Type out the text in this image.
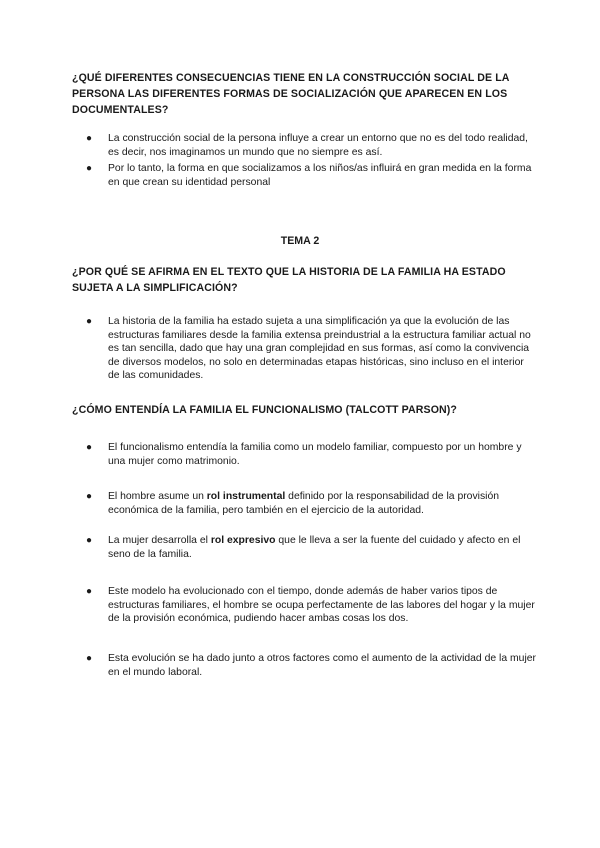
¿QUÉ DIFERENTES CONSECUENCIAS TIENE EN LA CONSTRUCCIÓN SOCIAL DE LA PERSONA LAS DIFERENTES FORMAS DE SOCIALIZACIÓN QUE APARECEN EN LOS DOCUMENTALES?
● La construcción social de la persona influye a crear un entorno que no es del todo realidad, es decir, nos imaginamos un mundo que no siempre es así.
● Por lo tanto, la forma en que socializamos a los niños/as influirá en gran medida en la forma en que crean su identidad personal
TEMA 2
¿POR QUÉ SE AFIRMA EN EL TEXTO QUE LA HISTORIA DE LA FAMILIA HA ESTADO SUJETA A LA SIMPLIFICACIÓN?
● La historia de la familia ha estado sujeta a una simplificación ya que la evolución de las estructuras familiares desde la familia extensa preindustrial a la estructura familiar actual no es tan sencilla, dado que hay una gran complejidad en sus formas, así como la convivencia de diversos modelos, no solo en determinadas etapas históricas, sino incluso en el interior de las comunidades.
¿CÓMO ENTENDÍA LA FAMILIA EL FUNCIONALISMO (TALCOTT PARSON)?
● El funcionalismo entendía la familia como un modelo familiar, compuesto por un hombre y una mujer como matrimonio.
● El hombre asume un rol instrumental definido por la responsabilidad de la provisión económica de la familia, pero también en el ejercicio de la autoridad.
● La mujer desarrolla el rol expresivo que le lleva a ser la fuente del cuidado y afecto en el seno de la familia.
● Este modelo ha evolucionado con el tiempo, donde además de haber varios tipos de estructuras familiares, el hombre se ocupa perfectamente de las labores del hogar y la mujer de la provisión económica, pudiendo hacer ambas cosas los dos.
● Esta evolución se ha dado junto a otros factores como el aumento de la actividad de la mujer en el mundo laboral.
